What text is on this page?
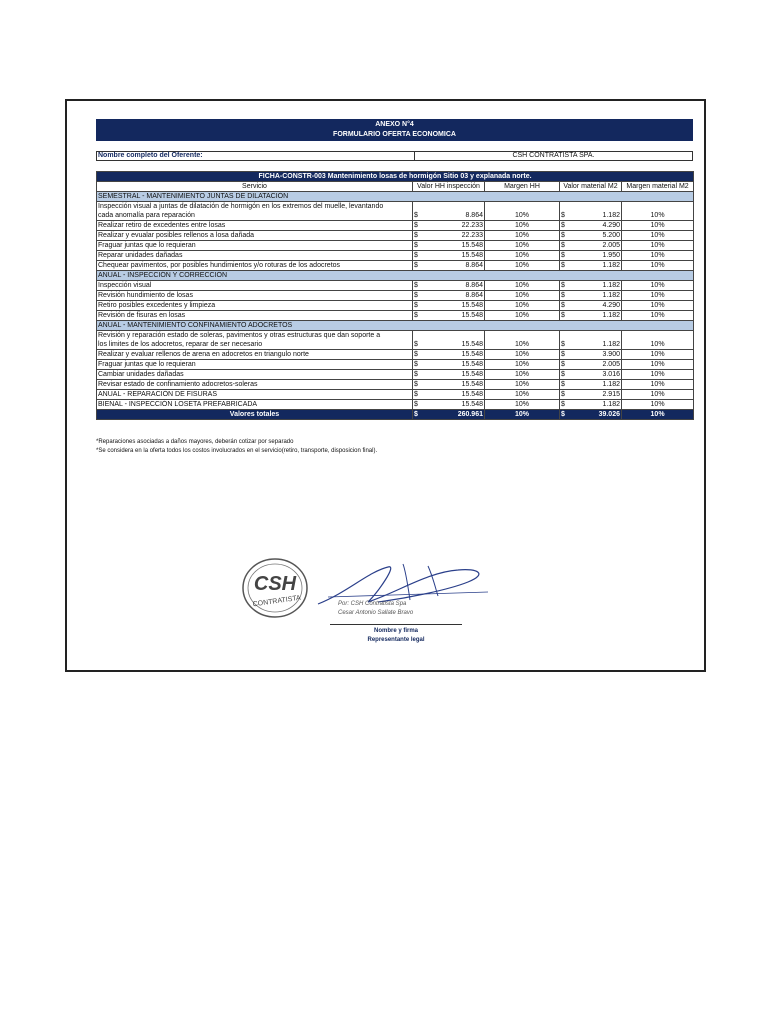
ANEXO N°4
FORMULARIO OFERTA ECONOMICA
Nombre completo del Oferente:	CSH CONTRATISTA SPA.
FICHA-CONSTR-003 Mantenimiento losas de hormigón Sitio 03 y explanada norte.						
Servicio	Valor HH inspección		Margen HH	Valor material M2		Margen material M2
SEMESTRAL - MANTENIMIENTO JUNTAS DE DILATACIÓN						
Inspección visual a juntas de dilatación de hormigón en los extremos del muelle, levantando						
cada anomalía para reparación	$	8.864	10%	$	1.182	10%
Realizar retiro de excedentes entre losas	$	22.233	10%	$	4.290	10%
Realizar y evualar posibles rellenos a losa dañada	$	22.233	10%	$	5.200	10%
Fraguar juntas que lo requieran	$	15.548	10%	$	2.005	10%
Reparar unidades dañadas	$	15.548	10%	$	1.950	10%
Chequear pavimentos, por posibles hundimientos y/o roturas de los adocretos	$	8.864	10%	$	1.182	10%
ANUAL - INSPECCIÓN Y CORRECCIÓN						
Inspección visual	$	8.864	10%	$	1.182	10%
Revisión hundimiento de losas	$	8.864	10%	$	1.182	10%
Retiro posibles excedentes y limpieza	$	15.548	10%	$	4.290	10%
Revisión de fisuras en losas	$	15.548	10%	$	1.182	10%
ANUAL - MANTENIMIENTO CONFINAMIENTO ADOCRETOS						
Revisión y reparación estado de soleras, pavimentos y otras estructuras que dan soporte a						
los limites de los adocretos, reparar de ser necesario	$	15.548	10%	$	1.182	10%
Realizar y evaluar rellenos de arena en adocretos en triangulo norte	$	15.548	10%	$	3.900	10%
Fraguar juntas que lo requieran	$	15.548	10%	$	2.005	10%
Cambiar unidades dañadas	$	15.548	10%	$	3.016	10%
Revisar estado de confinamiento adocretos-soleras	$	15.548	10%	$	1.182	10%
ANUAL - REPARACIÓN DE FISURAS	$	15.548	10%	$	2.915	10%
BIENAL - INSPECCIÓN LOSETA PREFABRICADA	$	15.548	10%	$	1.182	10%
Valores totales	$	260.961	10%	$	39.026	10%
*Reparaciones asociadas a daños mayores, deberán cotizar por separado
*Se considera en la oferta todos los costos involucrados en el servicio(retiro, transporte, disposicion final).
CSH
CONTRATISTA	Por: CSH Contratista Spa
Cesar Antonio Sallate Bravo
Nombre y firma
Representante legal
